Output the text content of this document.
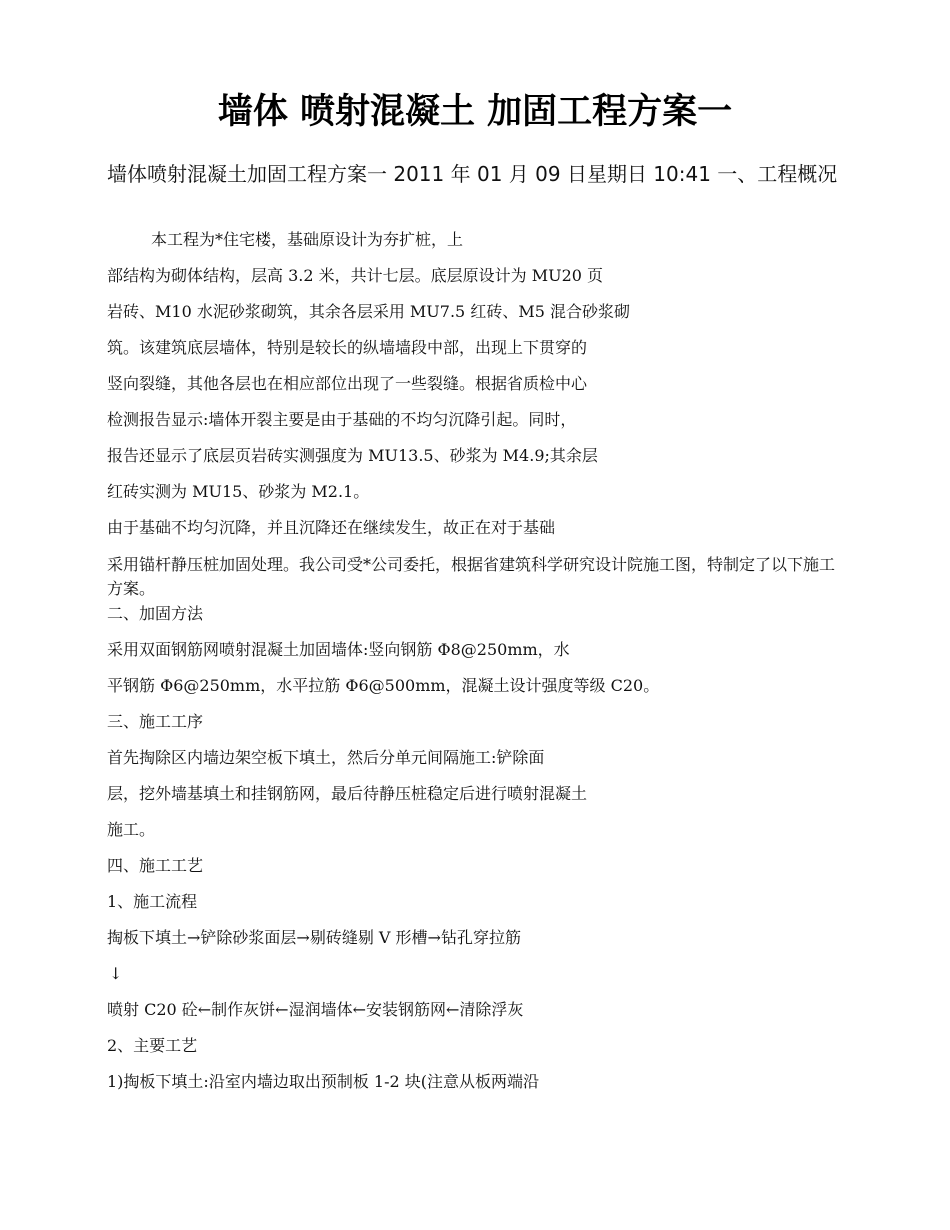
墙体 喷射混凝土 加固工程方案一

墙体喷射混凝土加固工程方案一 2011 年 01 月 09 日星期日 10:41 一、工程概况

本工程为*住宅楼，基础原设计为夯扩桩，上
部结构为砌体结构，层高 3.2 米，共计七层。底层原设计为 MU20 页
岩砖、M10 水泥砂浆砌筑，其余各层采用 MU7.5 红砖、M5 混合砂浆砌
筑。该建筑底层墙体，特别是较长的纵墙墙段中部，出现上下贯穿的
竖向裂缝，其他各层也在相应部位出现了一些裂缝。根据省质检中心
检测报告显示:墙体开裂主要是由于基础的不均匀沉降引起。同时，
报告还显示了底层页岩砖实测强度为 MU13.5、砂浆为 M4.9;其余层
红砖实测为 MU15、砂浆为 M2.1。
由于基础不均匀沉降，并且沉降还在继续发生，故正在对于基础
采用锚杆静压桩加固处理。我公司受*公司委托，根据省建筑科学研究设计院施工图，特制定了以下施工方案。
二、加固方法
采用双面钢筋网喷射混凝土加固墙体:竖向钢筋 Φ8@250mm，水
平钢筋 Φ6@250mm，水平拉筋 Φ6@500mm，混凝土设计强度等级 C20。
三、施工工序
首先掏除区内墙边架空板下填土，然后分单元间隔施工:铲除面
层，挖外墙基填土和挂钢筋网，最后待静压桩稳定后进行喷射混凝土
施工。
四、施工工艺
1、施工流程
掏板下填土→铲除砂浆面层→剔砖缝剔 V 形槽→钻孔穿拉筋
↓
喷射 C20 砼←制作灰饼←湿润墙体←安装钢筋网←清除浮灰
2、主要工艺
1)掏板下填土:沿室内墙边取出预制板 1-2 块(注意从板两端沿
